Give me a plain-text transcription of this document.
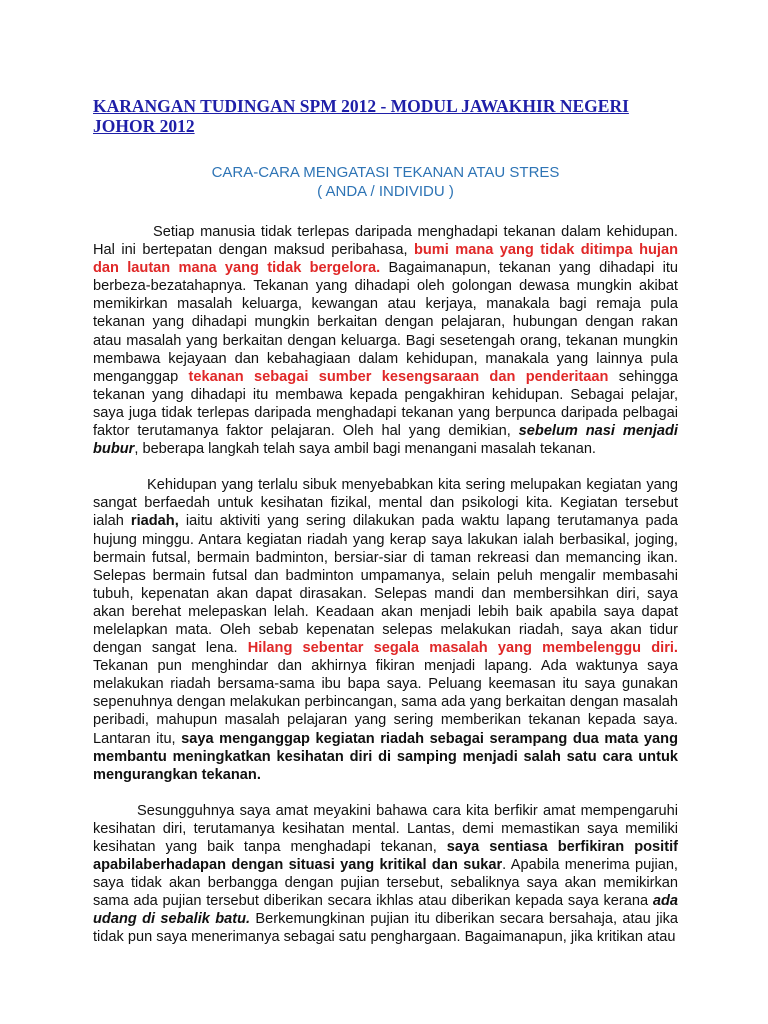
KARANGAN TUDINGAN SPM 2012 - MODUL JAWAKHIR NEGERI JOHOR 2012
CARA-CARA MENGATASI TEKANAN ATAU STRES
( ANDA / INDIVIDU )

Setiap manusia tidak terlepas daripada menghadapi tekanan dalam kehidupan. Hal ini bertepatan dengan maksud peribahasa, bumi mana yang tidak ditimpa hujan dan lautan mana yang tidak bergelora. Bagaimanapun, tekanan yang dihadapi itu berbeza-bezatahapnya. Tekanan yang dihadapi oleh golongan dewasa mungkin akibat memikirkan masalah keluarga, kewangan atau kerjaya, manakala bagi remaja pula tekanan yang dihadapi mungkin berkaitan dengan pelajaran, hubungan dengan rakan atau masalah yang berkaitan dengan keluarga. Bagi sesetengah orang, tekanan mungkin membawa kejayaan dan kebahagiaan dalam kehidupan, manakala yang lainnya pula menganggap tekanan sebagai sumber kesengsaraan dan penderitaan sehingga tekanan yang dihadapi itu membawa kepada pengakhiran kehidupan. Sebagai pelajar, saya juga tidak terlepas daripada menghadapi tekanan yang berpunca daripada pelbagai faktor terutamanya faktor pelajaran. Oleh hal yang demikian, sebelum nasi menjadi bubur, beberapa langkah telah saya ambil bagi menangani masalah tekanan.

Kehidupan yang terlalu sibuk menyebabkan kita sering melupakan kegiatan yang sangat berfaedah untuk kesihatan fizikal, mental dan psikologi kita. Kegiatan tersebut ialah riadah, iaitu aktiviti yang sering dilakukan pada waktu lapang terutamanya pada hujung minggu. Antara kegiatan riadah yang kerap saya lakukan ialah berbasikal, joging, bermain futsal, bermain badminton, bersiar-siar di taman rekreasi dan memancing ikan. Selepas bermain futsal dan badminton umpamanya, selain peluh mengalir membasahi tubuh, kepenatan akan dapat dirasakan. Selepas mandi dan membersihkan diri, saya akan berehat melepaskan lelah. Keadaan akan menjadi lebih baik apabila saya dapat melelapkan mata. Oleh sebab kepenatan selepas melakukan riadah, saya akan tidur dengan sangat lena. Hilang sebentar segala masalah yang membelenggu diri. Tekanan pun menghindar dan akhirnya fikiran menjadi lapang. Ada waktunya saya melakukan riadah bersama-sama ibu bapa saya. Peluang keemasan itu saya gunakan sepenuhnya dengan melakukan perbincangan, sama ada yang berkaitan dengan masalah peribadi, mahupun masalah pelajaran yang sering memberikan tekanan kepada saya. Lantaran itu, saya menganggap kegiatan riadah sebagai serampang dua mata yang membantu meningkatkan kesihatan diri di samping menjadi salah satu cara untuk mengurangkan tekanan.

Sesungguhnya saya amat meyakini bahawa cara kita berfikir amat mempengaruhi kesihatan diri, terutamanya kesihatan mental. Lantas, demi memastikan saya memiliki kesihatan yang baik tanpa menghadapi tekanan, saya sentiasa berfikiran positif apabilaberhadapan dengan situasi yang kritikal dan sukar. Apabila menerima pujian, saya tidak akan berbangga dengan pujian tersebut, sebaliknya saya akan memikirkan sama ada pujian tersebut diberikan secara ikhlas atau diberikan kepada saya kerana ada udang di sebalik batu. Berkemungkinan pujian itu diberikan secara bersahaja, atau jika tidak pun saya menerimanya sebagai satu penghargaan. Bagaimanapun, jika kritikan atau
